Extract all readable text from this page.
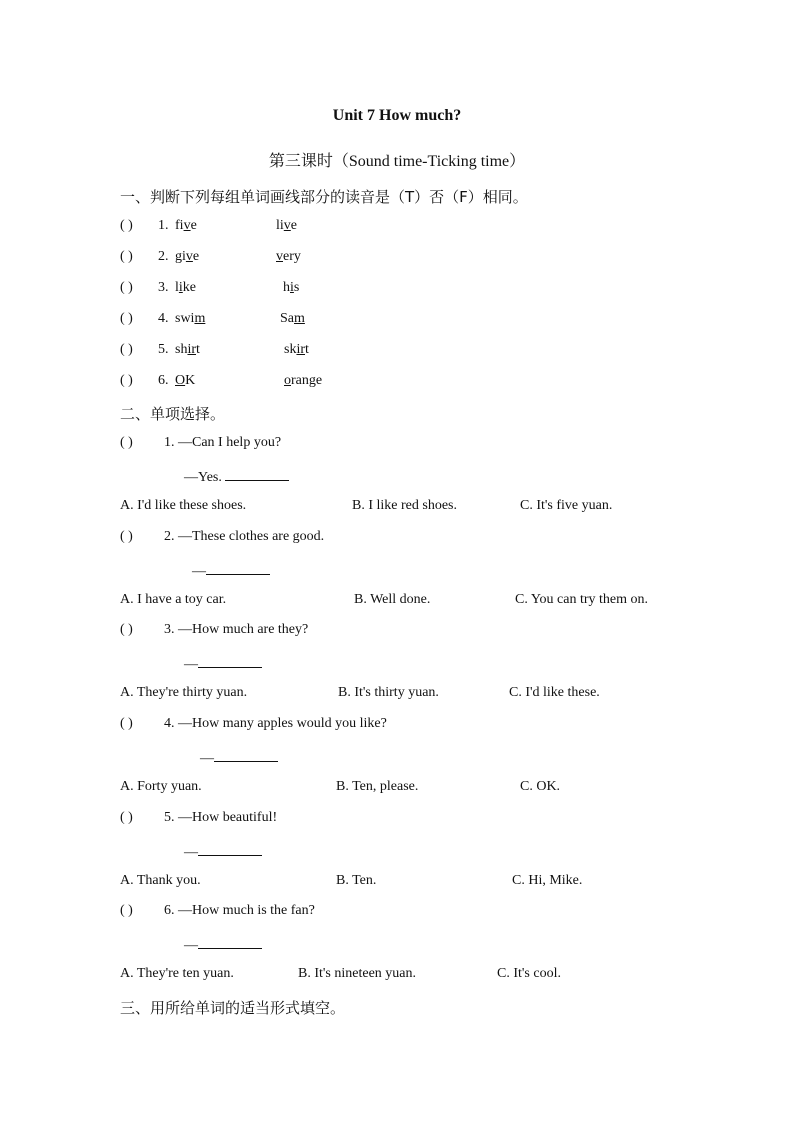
Unit 7 How much?
第三课时（Sound time-Ticking time）
一、判断下列每组单词画线部分的读音是（T）否（F）相同。
( ) 1. five	live
( ) 2. give	very
( ) 3. like	his
( ) 4. swim	Sam
( ) 5. shirt	skirt
( ) 6. OK	orange
二、单项选择。
( ) 1. —Can I help you?
—Yes.
A. I'd like these shoes.	B. I like red shoes.	C. It's five yuan.
( ) 2. —These clothes are good.
—
A. I have a toy car.	B. Well done.	C. You can try them on.
( ) 3. —How much are they?
—
A. They're thirty yuan.	B. It's thirty yuan.	C. I'd like these.
( ) 4. —How many apples would you like?
—
A. Forty yuan.	B. Ten, please.	C. OK.
( ) 5. —How beautiful!
—
A. Thank you.	B. Ten.	C. Hi, Mike.
( ) 6. —How much is the fan?
—
A. They're ten yuan.	B. It's nineteen yuan.	C. It's cool.
三、用所给单词的适当形式填空。
